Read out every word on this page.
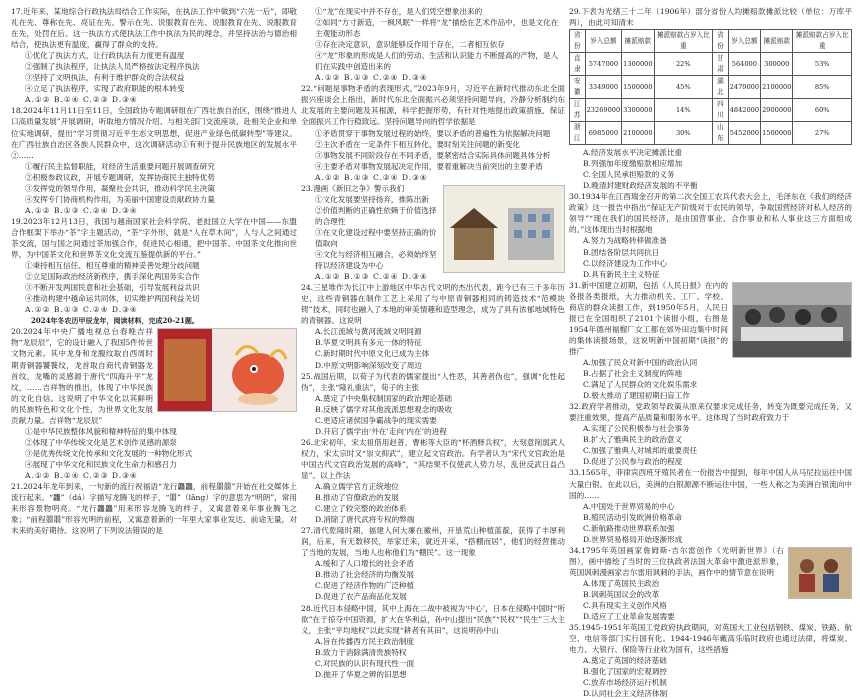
17.近年来，某地综合行政执法局结合工作实际，在执法工作中做到“六先一后”，即敬礼在先、尊称在先、亮证在先、警示在先、说服教育在先、说服教育在先、说服教育在先，处罚在后。这一执法方式使执法工作中执法为民的理念，并坚持法治与德治相结合，使执法更有温度，赢得了群众的支持。

①优化了执法方式，让行政执法有力度更有温度

②强制了执法程序，让执法人员严格按法定程序执法

③坚持了文明执法，有利于维护群众的合法权益

④立足了执法程序，实现了政府职能的根本转变

A.①② B.①④ C.②③ D.③④

18.2024年11月11日至11日，全国政协专题调研组在广西壮族自治区，围绕“推进人口高质量发展”开展调研，听取地方情况介绍、与相关部门交流座谈、赴相关企业和单位实地调研，提出“学习贯彻习近平生态文明思想，促进产业绿色低碳转型”等建议。在广西壮族自治区各族人民群众中，这次调研活动①有利于提升民族地区的发展水平②……

①履行民主监督职能，对经济生活重要问题开展调查研究

②积极参政议政，开展专题调研，发挥协商民主独特优势

③发挥党的领导作用，凝聚社会共识，推动科学民主决策

④发挥专门协商机构作用，为美丽中国建设贡献政协力量

A.①② B.①③ C.②④ D.③④

19.2023年12月13日，我国与越南国家社会科学院、老挝国立大学在中国——东盟合作框架下举办“茶”字主题活动，“茶”字外形，就是“人在草木间”，人与人之间通过茶交流，国与国之间通过茶加强合作，促进民心相通，把中国茶、中国茶文化推向世界，为中国茶文化和世界茶文化交流互鉴提供新的平台。”

①秉持相互信任、相互尊重的精神妥善处理分歧问题

②立足国际政治经济新秩序，携手深化两国务实合作

③不断开发两国民意和社会基础，引导发展利益共识

④推动构建中越命运共同体，切实维护两国利益关切

A.①② B.①③ C.②④ D.③④

2024年冬农历甲辰龙年，阅读材料，完成20-21题。

20.2024年中央广播电视总台春晚吉祥物“龙辰辰”，它的设计融入了我国5件传世文物元素。其中龙身和龙腹纹取自西周时期青铜器饕餮纹，龙首取自商代青铜器龙首纹，龙嘴的灵感源于唐代“四海升平”龙纹，……吉祥物的推出，体现了中华民族的文化自信。这说明了中华文化以其鲜明的民族特色和文化个性，为世界文化发展贡献力量。吉祥物“龙辰辰”

①是中华民族整体风貌和精神特征的集中体现

②体现了中华传统文化是艺术创作灵感的源泉

③是优秀传统文化传承和文化发展的一种物化形式

④展现了中华文化和民族文化生命力和感召力

A.①② B.①④ C.②③ D.③④

21.2024年龙年到来，一句新的流行祝福语“龙行龘龘，前程朤朤”开始在社交媒体上流行起来。“龘”（dá）字描写龙腾飞的样子，“朤”（lǎng）字的意思为“明朗”，常用来形容景物明亮。“龙行龘龘”用来形容龙腾飞的样子，又寓意着来年事业腾飞之象；“前程朤朤”形容光明的前程，又寓意着新的一年里大家事业发达、前途无量，对未来的美好期待。这说明了下列说法错误的是

①“龙”在现实中并不存在，是人们凭空想象出来的

②如同“方寸新造，一枫风眠”一样将“龙”描绘在艺术作品中，也是文化在主观能动形态

③存在决定意识，意识能够反作用于存在，二者相互依存

④“龙”形象的形成是人们的劳动、生活和认识能力不断提高的产物，是人们在实践中创造出来的

A.①② B.①③ C.②④ D.③④

22.“问题是事物矛盾的表现形式。”2023年9月，习近平在新时代推动东北全面振兴座谈会上指出，新时代东北全面振兴必须坚持问题导向，冷静分析制约东北发展的主要问题及其根源，科学把握形势，有针对性地提出政策措施，保证全面振兴工作行稳致远。坚持问题导向的哲学依据是

①矛盾贯穿于事物发展过程的始终，要以矛盾的普遍性为依据解决问题

②主次矛盾在一定条件下相互转化，要时刻关注问题的新变化

③事物发展不同阶段存在不同矛盾，要紧密结合实际具体问题具体分析

④主要矛盾对事物发展起决定作用，要着重解决当前突出的主要矛盾

A.①② B.①③ C.②④ D.③④

23.漫画《新旧之争》警示我们

①文化发展要坚持扬弃，推陈出新

②价值判断的正确性依赖于价值选择的合理性

③在文化建设过程中要坚持正确的价值取向

④文化与经济相互融合，必须始终坚持以经济建设为中心

A.①② B.①③ C.②④ D.③④

24.三星堆作为长江中上游地区中华古代文明的杰出代表，距今已有三千多年历史，这些青铜器在制作工艺上采用了与中原青铜器相同的铸造技术“范模块铸”技术，同时也融入了本地的审美情趣和造型理念，成为了具有浓郁地域特色的青铜器。这说明

A.长江流域与黄河流域文明同源

B.华夏文明具有多元一体的特征

C.新时期时代中原文化已成为主体

D.中原文明影响深刻改变了周边

25.战国后期，以荀子为代表的儒家提出“人性恶，其善者伪也”，强调“化性起伪”，主张“隆礼重法”，荀子的主张

A.奠定了中央集权制国家的政治理论基础

B.反映了儒学对其他流派思想观念的吸收

C.更适应诸侯国争霸战争的现实需要

D.开启了儒学由‘外在’走向‘内在’的进程

26.北宋初年，宋太祖借用赵普、曹彬等大臣的“杯酒释兵权”，大刻意削弱武人权力，宋太宗时又“崇文抑武”，建立起文官政治。有学者认为“宋代文官政治是中国古代文官政治发展的高峰”，“其结果不仅使武人势力尽，乱世反武日益凸显”。以上作法

A.确立儒学官方正统地位

B.推动了官僚政治的发展

C.建立了较完整的政治体系

D.消除了唐代武将专权的弊端

27.清代乾隆时期，福建人何大廉在徽州，开垦荒山种植蓝靛，获得了丰厚利润，后来，有无数移民，举家迁来，就近开采，“搭棚而居”，他们的经营推动了当地的发展，当地人也称他们为“棚民”。这一现象

A.缓和了人口增长的社会矛盾

B.推动了社会经济的均衡发展

C.促进了经济作物的广泛种植

D.促进了农产品商品化发展

28.近代日本侵略中国，其中上海在二战中被视为‘中心’，日本在侵略中国时“所欲”在于掠夺中国资源，扩大在华利益，孙中山提出“民族”“民权”“民生”三大主义，主张“平均地权”以此实现“耕者有其田”，这说明孙中山

A.旨在传播西方民主政治制度

B.致力于消除满清贵族特权

C.对民族的认识有现代性一面

D.抛开了华夏之辨的旧思想

29.下表为光绪三十二年（1906年）部分省份人均摊赔款摊派比较（单位：万库平两），由此可知清末

省份	岁入总额	摊派赔款	摊派赔款占岁入比重	省份	岁入总额	摊派赔款	摊派赔款占岁入比重
直隶	5747000	1300000	22%	甘肃	564000	300000	53%
安徽	3349000	1500000	45%	湖北	2479000	2100000	85%
江苏	23269000	3300000	14%	四川	4842000	2900000	60%
浙江	6985000	2100000	30%	山东	5452000	1500000	27%

A.经济发展水平决定摊派比重

B.列强加年度缴赔款相应增加

C.全国人民承担赔款的义务

D.晚清封建财政经济发展的不平衡

30.1934年在江西瑞金召开的第二次全国工农兵代表大会上，毛泽东在《我们的经济政策》这一报告中指出“保证无产阶级对于农民的领导，争取国营经济对私人经济的领导”“现在我们的国民经济，是由国营事业、合作事业和私人事业这三方面组成的。”这体现出当时根据地

A.努力为战略转移做准备

B.团结各阶层共同抗日

C.以经济建设为工作中心

D.具有新民主主义特征

31.新中国建立初期，包括《人民日报》在内的各报各类报纸，大力推动机关、工厂、学校、商店的群众读报工作，到1950年5月，人民日报已在全国组织了2101个读报小组，右图是1954年德州福榴厂女工都在郊外田边集中时间的集体读报场景，这说明新中国初期“读报”的推广

A.加强了民众对新中国的政治认同

B.占据了社会主义制度的阵地

C.满足了人民群众的文化娱乐需求

D.极大推动了建国初期扫盲工作

32.政府学者推动，党政领导政策从原来仅要求完成任务，转变为既要完成任务，又要注重效果，提高产品质量和服务水平。这体现了当时政府致力于

A.实现了公民积极参与社会事务

B.扩大了雅典民主的政治意义

C.加强了雅典人对城邦的重要责任

D.促进了公民参与政治的程度

33.1565年，菲律宾西班牙殖民者在一份报告中提到，每年中国人从马尼拉运往中国大量白银。在此以后，美洲的白银源源不断运往中国，一些人称之为美洲白银流向中国的……

A.中国处于世界贸易的中心

B.殖民活动引发欧洲价格革命

C.新航路推动世界联系加强

D.世界贸易格局开始逐渐形成

34.1795年英国画家詹姆斯·吉尔雷创作《光明新世界》（右图），画中描绘了当时的三位执政者法国大革命中激进派形象，英国讽刺漫画家吉尔雷用讽刺的手法，画作中的情节意在说明

A.体现了英国民主政治

B.讽刺英国议会的改革

C.具有现实主义创作风格

D.适应了工业革命发展需要

35.1945-1951年英国工党政府执政期间，对英国大工业包括钢铁、煤炭、铁路、航空、电信等部门实行国有化。1944-1946年戴高乐临时政府也通过法律，将煤炭、电力、大银行、保险等行业收为国有，这些措施

A.奠定了英国的经济基础

B.强化了国家的宏观调控

C.放弃市场经济运行机制

D.认同社会主义经济体制
